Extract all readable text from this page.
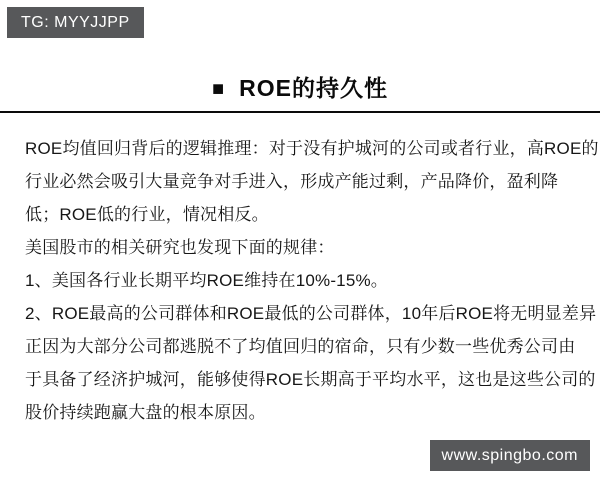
TG: MYYJJPP
■ ROE的持久性
ROE均值回归背后的逻辑推理：对于没有护城河的公司或者行业，高ROE的
行业必然会吸引大量竞争对手进入，形成产能过剩，产品降价，盈利降
低；ROE低的行业，情况相反。
美国股市的相关研究也发现下面的规律：
1、美国各行业长期平均ROE维持在10%-15%。
2、ROE最高的公司群体和ROE最低的公司群体，10年后ROE将无明显差异
正因为大部分公司都逃脱不了均值回归的宿命，只有少数一些优秀公司由
于具备了经济护城河，能够使得ROE长期高于平均水平，这也是这些公司的
股价持续跑赢大盘的根本原因。
www.spingbo.com
